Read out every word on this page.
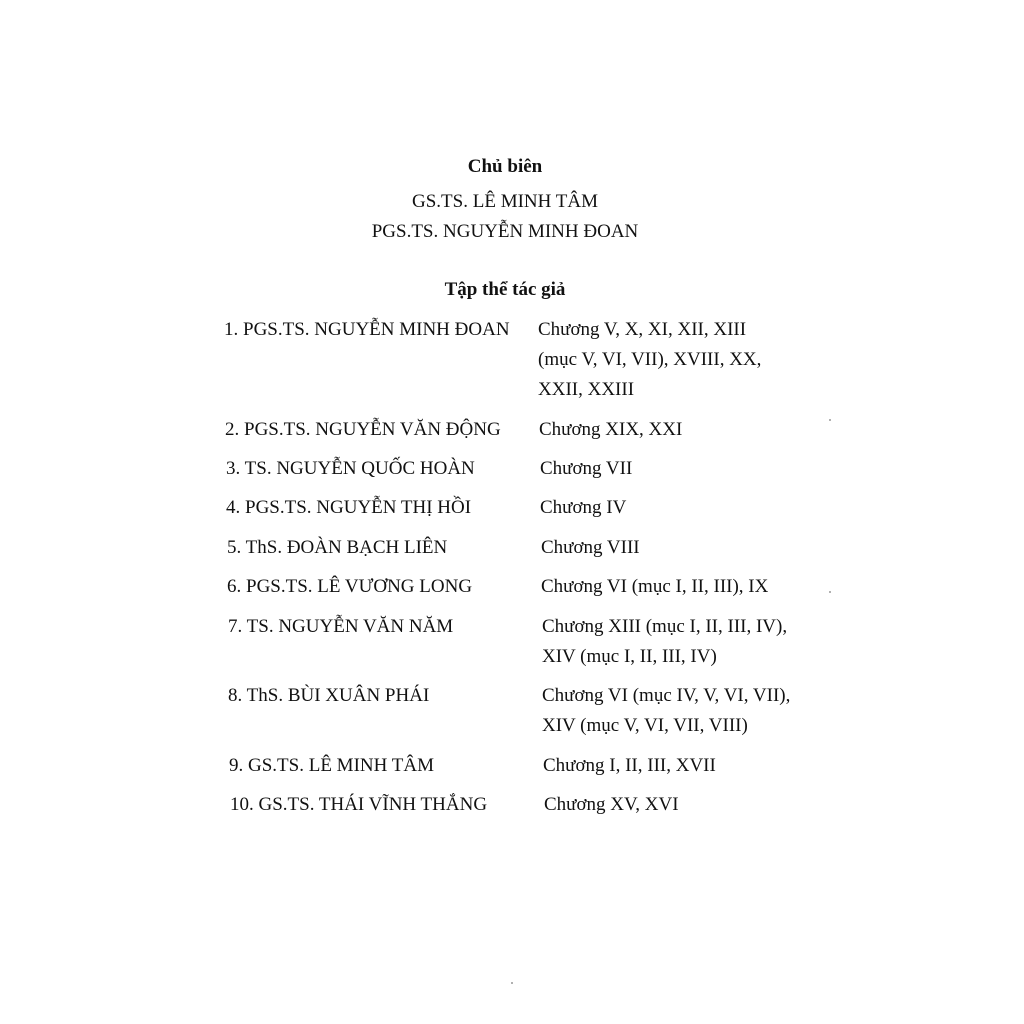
Chủ biên
GS.TS. LÊ MINH TÂM
PGS.TS. NGUYỄN MINH ĐOAN
Tập thể tác giả
1. PGS.TS. NGUYỄN MINH ĐOAN Chương V, X, XI, XII, XIII
(mục V, VI, VII), XVIII, XX,
XXII, XXIII
2. PGS.TS. NGUYỄN VĂN ĐỘNG Chương XIX, XXI
3. TS. NGUYỄN QUỐC HOÀN	Chương VII
4. PGS.TS. NGUYỄN THỊ HỒI	Chương IV
5. ThS. ĐOÀN BẠCH LIÊN	Chương VIII
6. PGS.TS. LÊ VƯƠNG LONG	Chương VI (mục I, II, III), IX
7. TS. NGUYỄN VĂN NĂM	Chương XIII (mục I, II, III, IV),
XIV (mục I, II, III, IV)
8. ThS. BÙI XUÂN PHÁI	Chương VI (mục IV, V, VI, VII),
XIV (mục V, VI, VII, VIII)
9. GS.TS. LÊ MINH TÂM	Chương I, II, III, XVII
10. GS.TS. THÁI VĨNH THẮNG	Chương XV, XVI
